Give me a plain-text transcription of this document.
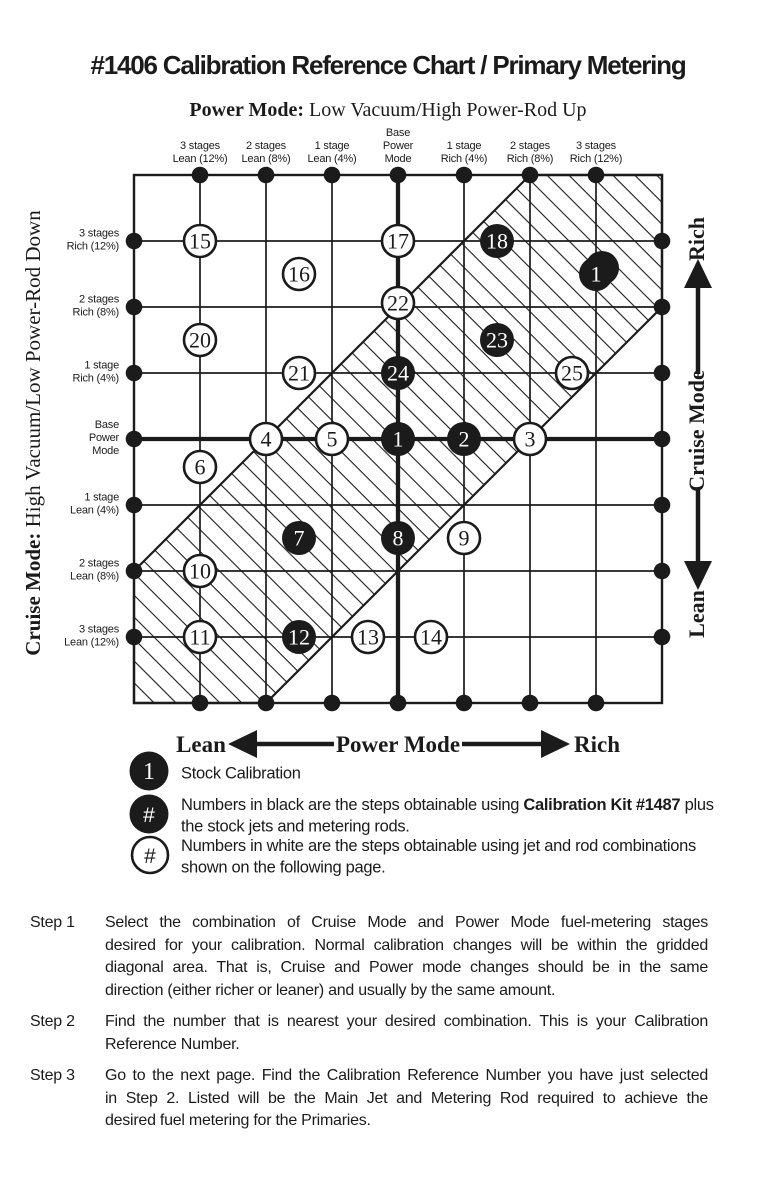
#1406 Calibration Reference Chart / Primary Metering
Power Mode: Low Vacuum/High Power-Rod Up
3 stages
Lean (12%)
2 stages
Lean (8%)
1 stage
Lean (4%)
Base
Power
Mode
1 stage
Rich (4%)
2 stages
Rich (8%)
3 stages
Rich (12%)
3 stages
Rich (12%)
2 stages
Rich (8%)
1 stage
Rich (4%)
Base
Power
Mode
1 stage
Lean (4%)
2 stages
Lean (8%)
3 stages
Lean (12%)
15
16
17	18
1
22
20	23
21	24	25
4	5	1	2	3
6
7	8	9
10
11	12 13 14
Cruise Mode: High Vacuum/Low Power-Rod Down	Rich
Cruise Mode
Lean
Lean	Power Mode	Rich
1 Stock Calibration
# Numbers in black are the steps obtainable using Calibration Kit #1487 plus
the stock jets and metering rods.
# Numbers in white are the steps obtainable using jet and rod combinations
shown on the following page.
Step 1	Select the combination of Cruise Mode and Power Mode fuel-metering stages
desired for your calibration. Normal calibration changes will be within the gridded
diagonal area. That is, Cruise and Power mode changes should be in the same
direction (either richer or leaner) and usually by the same amount.
Step 2	Find the number that is nearest your desired combination. This is your Calibration
Reference Number.
Step 3	Go to the next page. Find the Calibration Reference Number you have just selected
in Step 2. Listed will be the Main Jet and Metering Rod required to achieve the
desired fuel metering for the Primaries.
